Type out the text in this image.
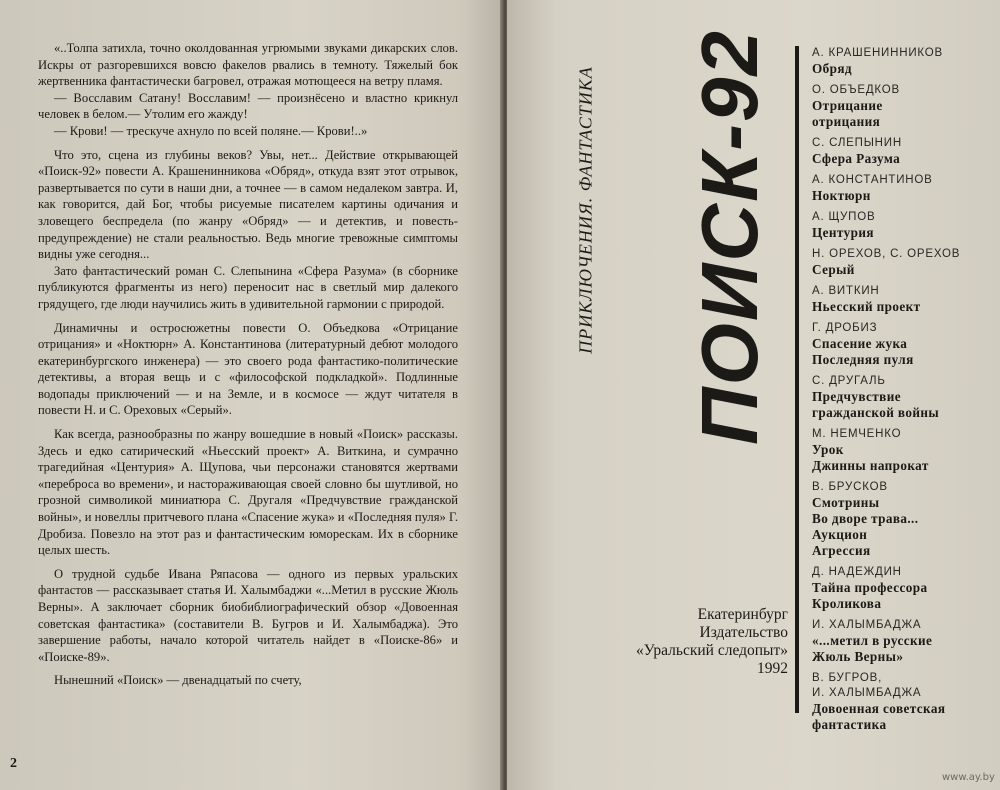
«..Толпа затихла, точно околдованная угрюмыми звуками дикарских слов. Искры от разгоревшихся вовсю факелов рвались в темноту. Тяжелый бок жертвенника фантастически багровел, отражая мотющееся на ветру пламя.

— Восславим Сатану! Восславим! — произнёсено и властно крикнул человек в белом.— Утолим его жажду!

— Крови! — трескуче ахнуло по всей поляне.— Крови!..»

Что это, сцена из глубины веков? Увы, нет... Действие открывающей «Поиск-92» повести А. Крашенинникова «Обряд», откуда взят этот отрывок, развертывается по сути в наши дни, а точнее — в самом недалеком завтра. И, как говорится, дай Бог, чтобы рисуемые писателем картины одичания и зловещего беспредела (по жанру «Обряд» — и детектив, и повесть-предупреждение) не стали реальностью. Ведь многие тревожные симптомы видны уже сегодня...

Зато фантастический роман С. Слепынина «Сфера Разума» (в сборнике публикуются фрагменты из него) переносит нас в светлый мир далекого грядущего, где люди научились жить в удивительной гармонии с природой.

Динамичны и остросюжетны повести О. Объедкова «Отрицание отрицания» и «Ноктюрн» А. Константинова (литературный дебют молодого екатеринбургского инженера) — это своего рода фантастико-политические детективы, а вторая вещь и с «философской подкладкой». Подлинные водопады приключений — и на Земле, и в космосе — ждут читателя в повести Н. и С. Ореховых «Серый».

Как всегда, разнообразны по жанру вошедшие в новый «Поиск» рассказы. Здесь и едко сатирический «Ньесский проект» А. Виткина, и сумрачно трагедийная «Центурия» А. Щупова, чьи персонажи становятся жертвами «переброса во времени», и настораживающая своей словно бы шутливой, но грозной символикой миниатюра С. Другаля «Предчувствие гражданской войны», и новеллы притчевого плана «Спасение жука» и «Последняя пуля» Г. Дробиза. Повезло на этот раз и фантастическим юморескам. Их в сборнике целых шесть.

О трудной судьбе Ивана Ряпасова — одного из первых уральских фантастов — рассказывает статья И. Халымбаджи «...Метил в русские Жюль Верны». А заключает сборник биобиблиографический обзор «Довоенная советская фантастика» (составители В. Бугров и И. Халымбаджа). Это завершение работы, начало которой читатель найдет в «Поиске-86» и «Поиске-89».

Нынешний «Поиск» — двенадцатый по счету,

2
ПРИКЛЮЧЕНИЯ. ФАНТАСТИКА ПОИСК-92
Екатеринбург
Издательство
«Уральский следопыт»
1992
А. КРАШЕНИННИКОВ
Обряд
О. ОБЪЕДКОВ
Отрицание
отрицания
С. СЛЕПЫНИН
Сфера Разума
А. КОНСТАНТИНОВ
Ноктюрн
А. ЩУПОВ
Центурия
Н. ОРЕХОВ, С. ОРЕХОВ
Серый
А. ВИТКИН
Ньесский проект
Г. ДРОБИЗ
Спасение жука
Последняя пуля
С. ДРУГАЛЬ
Предчувствие
гражданской войны
М. НЕМЧЕНКО
Урок
Джинны напрокат
В. БРУСКОВ
Смотрины
Во дворе трава...
Аукцион
Агрессия
Д. НАДЕЖДИН
Тайна профессора
Кроликова
И. ХАЛЫМБАДЖА
«...метил в русские
Жюль Верны»
В. БУГРОВ,
И. ХАЛЫМБАДЖА
Довоенная советская
фантастика
www.ay.by
